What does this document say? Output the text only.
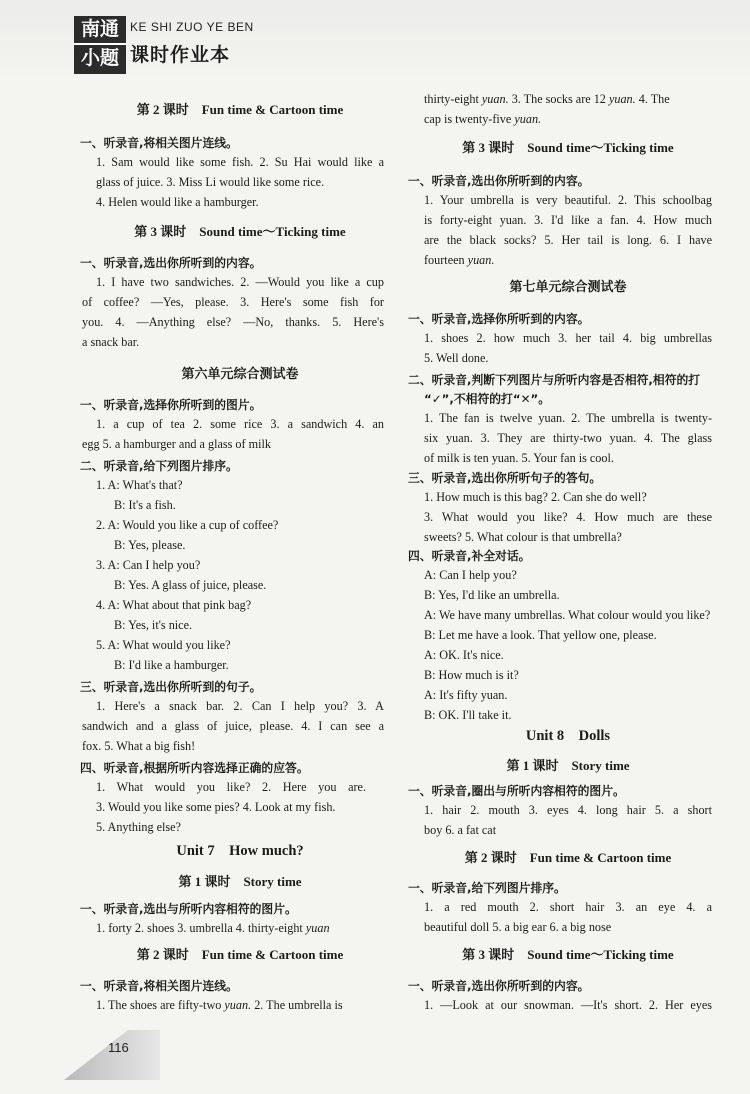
南通
小题
KE SHI ZUO YE BEN
课时作业本
第 2 课时　Fun time & Cartoon time
一、听录音,将相关图片连线。
1. Sam would like some fish. 2. Su Hai would like a
glass of juice. 3. Miss Li would like some rice.
4. Helen would like a hamburger.
第 3 课时　Sound time～Ticking time
一、听录音,选出你所听到的内容。
1. I have two sandwiches. 2. —Would you like a cup
of coffee? —Yes, please. 3. Here's some fish for
you. 4. —Anything else? —No, thanks. 5. Here's
a snack bar.
第六单元综合测试卷
一、听录音,选择你所听到的图片。
1. a cup of tea 2. some rice 3. a sandwich 4. an
egg 5. a hamburger and a glass of milk
二、听录音,给下列图片排序。
1. A: What's that?
B: It's a fish.
2. A: Would you like a cup of coffee?
B: Yes, please.
3. A: Can I help you?
B: Yes. A glass of juice, please.
4. A: What about that pink bag?
B: Yes, it's nice.
5. A: What would you like?
B: I'd like a hamburger.
三、听录音,选出你所听到的句子。
1. Here's a snack bar. 2. Can I help you? 3. A
sandwich and a glass of juice, please. 4. I can see a
fox. 5. What a big fish!
四、听录音,根据所听内容选择正确的应答。
1. What would you like? 2. Here you are.
3. Would you like some pies? 4. Look at my fish.
5. Anything else?
Unit 7　How much?
第 1 课时　Story time
一、听录音,选出与所听内容相符的图片。
1. forty 2. shoes 3. umbrella 4. thirty-eight yuan
第 2 课时　Fun time & Cartoon time
一、听录音,将相关图片连线。
1. The shoes are fifty-two yuan. 2. The umbrella is
thirty-eight yuan. 3. The socks are 12 yuan. 4. The
cap is twenty-five yuan.
第 3 课时　Sound time～Ticking time
一、听录音,选出你所听到的内容。
1. Your umbrella is very beautiful. 2. This schoolbag
is forty-eight yuan. 3. I'd like a fan. 4. How much
are the black socks? 5. Her tail is long. 6. I have
fourteen yuan.
第七单元综合测试卷
一、听录音,选择你所听到的内容。
1. shoes 2. how much 3. her tail 4. big umbrellas
5. Well done.
二、听录音,判断下列图片与所听内容是否相符,相符的打
“✓”,不相符的打“✕”。
1. The fan is twelve yuan. 2. The umbrella is twenty-
six yuan. 3. They are thirty-two yuan. 4. The glass
of milk is ten yuan. 5. Your fan is cool.
三、听录音,选出你所听句子的答句。
1. How much is this bag? 2. Can she do well?
3. What would you like? 4. How much are these
sweets? 5. What colour is that umbrella?
四、听录音,补全对话。
A: Can I help you?
B: Yes, I'd like an umbrella.
A: We have many umbrellas. What colour would you like?
B: Let me have a look. That yellow one, please.
A: OK. It's nice.
B: How much is it?
A: It's fifty yuan.
B: OK. I'll take it.
Unit 8　Dolls
第 1 课时　Story time
一、听录音,圈出与所听内容相符的图片。
1. hair 2. mouth 3. eyes 4. long hair 5. a short
boy 6. a fat cat
第 2 课时　Fun time & Cartoon time
一、听录音,给下列图片排序。
1. a red mouth 2. short hair 3. an eye 4. a
beautiful doll 5. a big ear 6. a big nose
第 3 课时　Sound time～Ticking time
一、听录音,选出你所听到的内容。
1. —Look at our snowman. —It's short. 2. Her eyes
116
